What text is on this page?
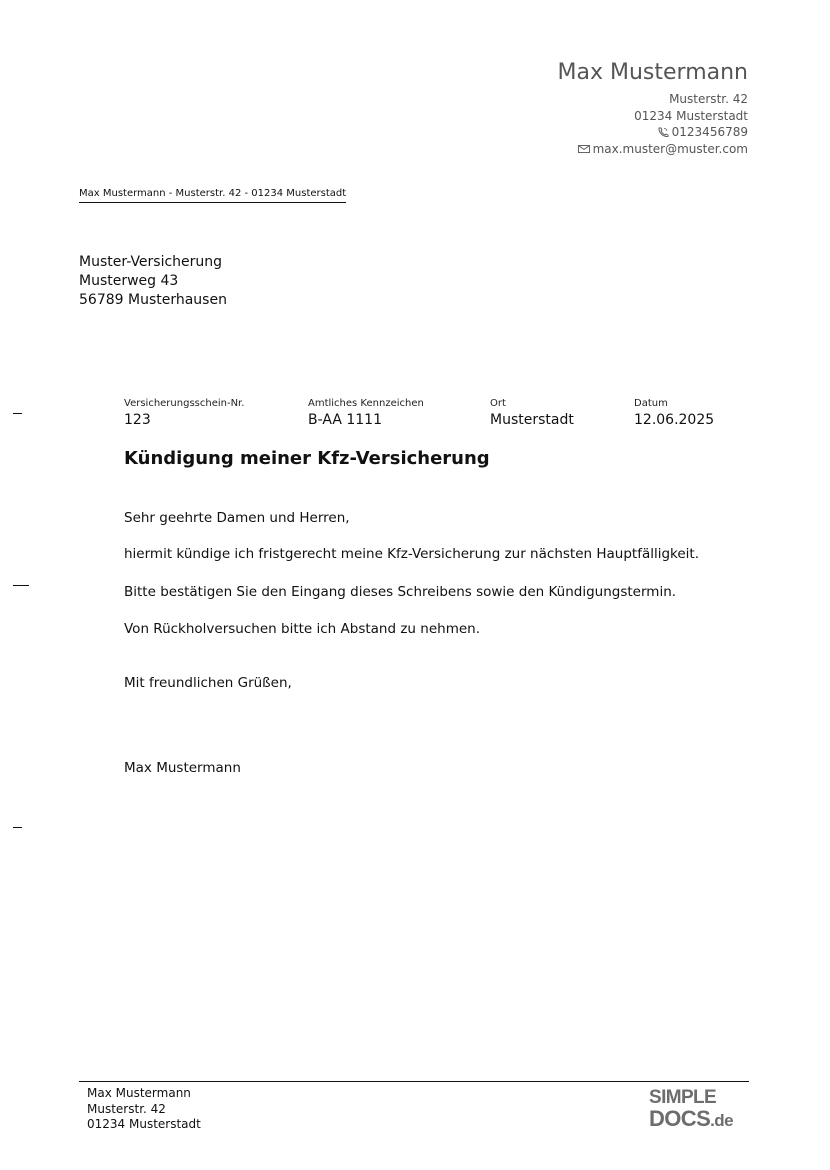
Max Mustermann
Musterstr. 42
01234 Musterstadt
0123456789
max.muster@muster.com
Max Mustermann - Musterstr. 42 - 01234 Musterstadt
Muster-Versicherung
Musterweg 43
56789 Musterhausen
Versicherungsschein-Nr.
123
Amtliches Kennzeichen
B-AA 1111
Ort
Musterstadt
Datum
12.06.2025
Kündigung meiner Kfz-Versicherung
Sehr geehrte Damen und Herren,
hiermit kündige ich fristgerecht meine Kfz-Versicherung zur nächsten Hauptfälligkeit.
Bitte bestätigen Sie den Eingang dieses Schreibens sowie den Kündigungstermin.
Von Rückholversuchen bitte ich Abstand zu nehmen.
Mit freundlichen Grüßen,
Max Mustermann
Max Mustermann
Musterstr. 42
01234 Musterstadt
SIMPLE
DOCS.de
